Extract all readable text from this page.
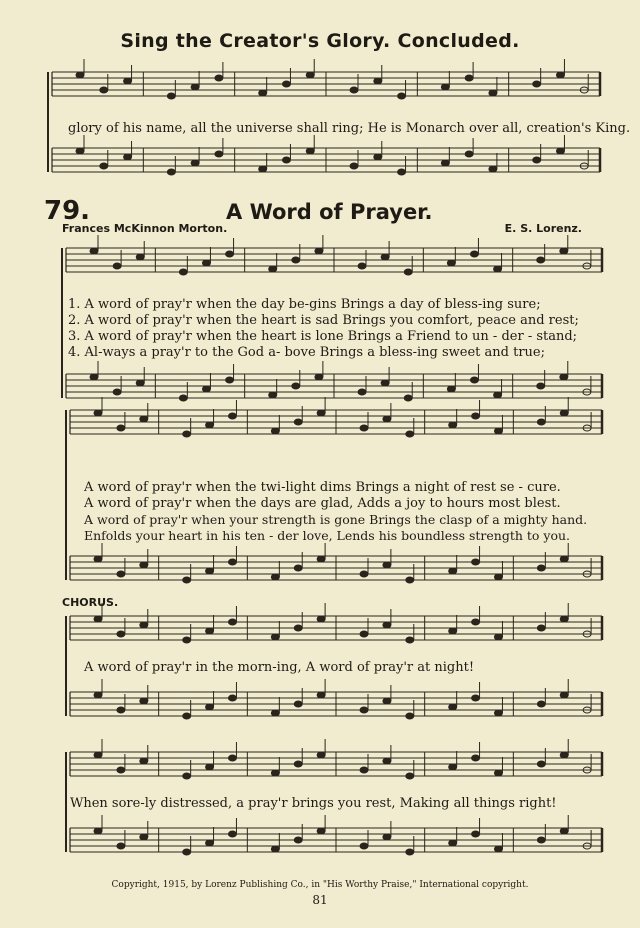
Sing the Creator's Glory. Concluded.
glory of his name, all the universe shall ring; He is Monarch over all, creation's King.
79.	A Word of Prayer.
Frances McKinnon Morton.	E. S. Lorenz.
1. A word of pray'r when the day be-gins Brings a day of bless-ing sure;
2. A word of pray'r when the heart is sad Brings you comfort, peace and rest;
3. A word of pray'r when the heart is lone Brings a Friend to un - der - stand;
4. Al-ways a pray'r to the God a- bove Brings a bless-ing sweet and true;
A word of pray'r when the twi-light dims Brings a night of rest se - cure.
A word of pray'r when the days are glad, Adds a joy to hours most blest.
A word of pray'r when your strength is gone Brings the clasp of a mighty hand.
Enfolds your heart in his ten - der love, Lends his boundless strength to you.
CHORUS.
A word of pray'r in the morn-ing, A word of pray'r at night!
When sore-ly distressed, a pray'r brings you rest, Making all things right!
Copyright, 1915, by Lorenz Publishing Co., in "His Worthy Praise," International copyright.
81
